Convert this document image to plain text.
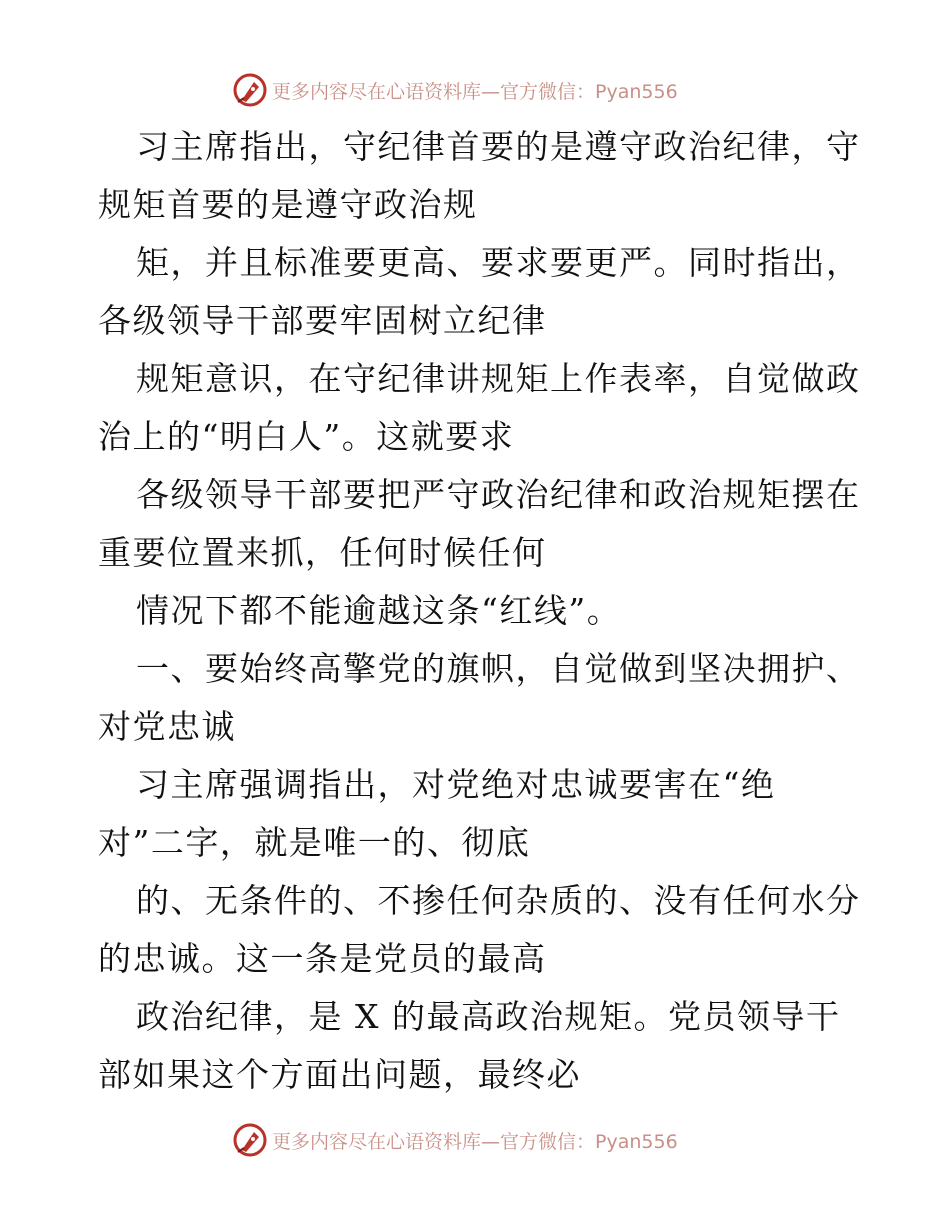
更多内容尽在心语资料库—官方微信：Pyan556

习主席指出，守纪律首要的是遵守政治纪律，守

规矩首要的是遵守政治规

矩，并且标准要更高、要求要更严。同时指出，

各级领导干部要牢固树立纪律

规矩意识，在守纪律讲规矩上作表率，自觉做政

治上的“明白人”。这就要求

各级领导干部要把严守政治纪律和政治规矩摆在

重要位置来抓，任何时候任何

情况下都不能逾越这条“红线”。

一、要始终高擎党的旗帜，自觉做到坚决拥护、

对党忠诚

习主席强调指出，对党绝对忠诚要害在“绝

对”二字，就是唯一的、彻底

的、无条件的、不掺任何杂质的、没有任何水分

的忠诚。这一条是党员的最高

政治纪律，是 X 的最高政治规矩。党员领导干

部如果这个方面出问题，最终必

更多内容尽在心语资料库—官方微信：Pyan556
